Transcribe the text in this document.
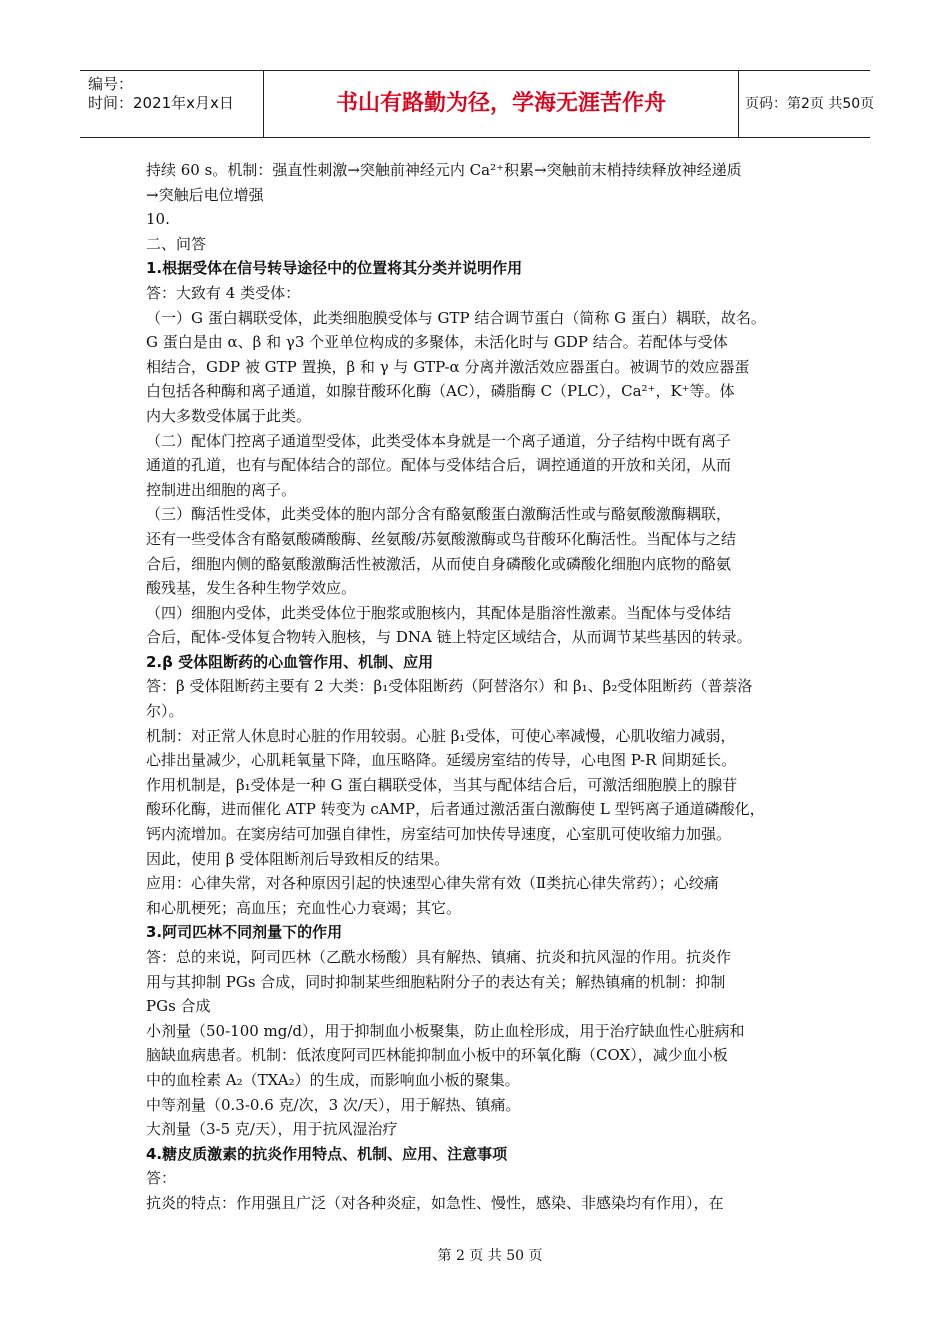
编号：
时间：2021年x月x日	书山有路勤为径，学海无涯苦作舟	页码：第2页 共50页
持续 60 s。机制：强直性刺激→突触前神经元内 Ca²⁺积累→突触前末梢持续释放神经递质
→突触后电位增强
10.
二、问答
1.根据受体在信号转导途径中的位置将其分类并说明作用
答：大致有 4 类受体：
（一）G 蛋白耦联受体，此类细胞膜受体与 GTP 结合调节蛋白（简称 G 蛋白）耦联，故名。
G 蛋白是由 α、β 和 γ3 个亚单位构成的多聚体，未活化时与 GDP 结合。若配体与受体
相结合，GDP 被 GTP 置换，β 和 γ 与 GTP-α 分离并激活效应器蛋白。被调节的效应器蛋
白包括各种酶和离子通道，如腺苷酸环化酶（AC），磷脂酶 C（PLC），Ca²⁺，K⁺等。体
内大多数受体属于此类。
（二）配体门控离子通道型受体，此类受体本身就是一个离子通道，分子结构中既有离子
通道的孔道，也有与配体结合的部位。配体与受体结合后，调控通道的开放和关闭，从而
控制进出细胞的离子。
（三）酶活性受体，此类受体的胞内部分含有酪氨酸蛋白激酶活性或与酪氨酸激酶耦联，
还有一些受体含有酪氨酸磷酸酶、丝氨酸/苏氨酸激酶或鸟苷酸环化酶活性。当配体与之结
合后，细胞内侧的酪氨酸激酶活性被激活，从而使自身磷酸化或磷酸化细胞内底物的酪氨
酸残基，发生各种生物学效应。
（四）细胞内受体，此类受体位于胞浆或胞核内，其配体是脂溶性激素。当配体与受体结
合后，配体-受体复合物转入胞核，与 DNA 链上特定区域结合，从而调节某些基因的转录。
2.β 受体阻断药的心血管作用、机制、应用
答：β 受体阻断药主要有 2 大类：β₁受体阻断药（阿替洛尔）和 β₁、β₂受体阻断药（普萘洛
尔）。
机制：对正常人休息时心脏的作用较弱。心脏 β₁受体，可使心率减慢，心肌收缩力减弱，
心排出量减少，心肌耗氧量下降，血压略降。延缓房室结的传导，心电图 P-R 间期延长。
作用机制是，β₁受体是一种 G 蛋白耦联受体，当其与配体结合后，可激活细胞膜上的腺苷
酸环化酶，进而催化 ATP 转变为 cAMP，后者通过激活蛋白激酶使 L 型钙离子通道磷酸化，
钙内流增加。在窦房结可加强自律性，房室结可加快传导速度，心室肌可使收缩力加强。
因此，使用 β 受体阻断剂后导致相反的结果。
应用：心律失常，对各种原因引起的快速型心律失常有效（Ⅱ类抗心律失常药）；心绞痛
和心肌梗死；高血压；充血性心力衰竭；其它。
3.阿司匹林不同剂量下的作用
答：总的来说，阿司匹林（乙酰水杨酸）具有解热、镇痛、抗炎和抗风湿的作用。抗炎作
用与其抑制 PGs 合成，同时抑制某些细胞粘附分子的表达有关；解热镇痛的机制：抑制
PGs 合成
小剂量（50-100 mg/d），用于抑制血小板聚集，防止血栓形成，用于治疗缺血性心脏病和
脑缺血病患者。机制：低浓度阿司匹林能抑制血小板中的环氧化酶（COX），减少血小板
中的血栓素 A₂（TXA₂）的生成，而影响血小板的聚集。
中等剂量（0.3-0.6 克/次，3 次/天），用于解热、镇痛。
大剂量（3-5 克/天），用于抗风湿治疗
4.糖皮质激素的抗炎作用特点、机制、应用、注意事项
答：
抗炎的特点：作用强且广泛（对各种炎症，如急性、慢性，感染、非感染均有作用），在
第 2 页 共 50 页
